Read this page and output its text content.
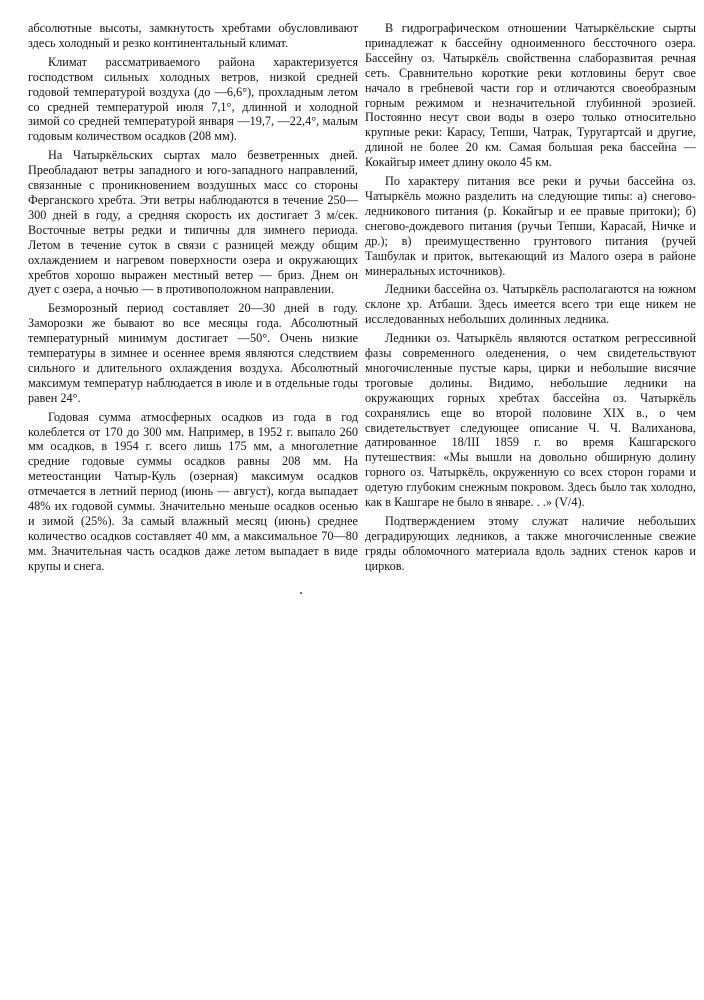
абсолютные высоты, замкнутость хребтами обусловливают здесь холодный и резко континентальный климат.

Климат рассматриваемого района характеризуется господством сильных холодных ветров, низкой средней годовой температурой воздуха (до —6,6°), прохладным летом со средней температурой июля 7,1°, длинной и холодной зимой со средней температурой января —19,7, —22,4°, малым годовым количеством осадков (208 мм).

На Чатыркёльских сыртах мало безветренных дней. Преобладают ветры западного и юго-западного направлений, связанные с проникновением воздушных масс со стороны Ферганского хребта. Эти ветры наблюдаются в течение 250—300 дней в году, а средняя скорость их достигает 3 м/сек. Восточные ветры редки и типичны для зимнего периода. Летом в течение суток в связи с разницей между общим охлаждением и нагревом поверхности озера и окружающих хребтов хорошо выражен местный ветер — бриз. Днем он дует с озера, а ночью — в противоположном направлении.

Безморозный период составляет 20—30 дней в году. Заморозки же бывают во все месяцы года. Абсолютный температурный минимум достигает —50°. Очень низкие температуры в зимнее и осеннее время являются следствием сильного и длительного охлаждения воздуха. Абсолютный максимум температур наблюдается в июле и в отдельные годы равен 24°.

Годовая сумма атмосферных осадков из года в год колеблется от 170 до 300 мм. Например, в 1952 г. выпало 260 мм осадков, в 1954 г. всего лишь 175 мм, а многолетние средние годовые суммы осадков равны 208 мм. На метеостанции Чатыр-Куль (озерная) максимум осадков отмечается в летний период (июнь — август), когда выпадает 48% их годовой суммы. Значительно меньше осадков осенью и зимой (25%). За самый влажный месяц (июнь) среднее количество осадков составляет 40 мм, а максимальное 70—80 мм. Значительная часть осадков даже летом выпадает в виде крупы и снега.

В гидрографическом отношении Чатыркёльские сырты принадлежат к бассейну одноименного бессточного озера. Бассейну оз. Чатыркёль свойственна слаборазвитая речная сеть. Сравнительно короткие реки котловины берут свое начало в гребневой части гор и отличаются своеобразным горным режимом и незначительной глубинной эрозией. Постоянно несут свои воды в озеро только относительно крупные реки: Карасу, Тепши, Чатрак, Туругартсай и другие, длиной не более 20 км. Самая большая река бассейна — Кокайгыр имеет длину около 45 км.

По характеру питания все реки и ручьи бассейна оз. Чатыркёль можно разделить на следующие типы: а) снегово-ледникового питания (р. Кокайгыр и ее правые притоки); б) снегово-дождевого питания (ручьи Тепши, Карасай, Ничке и др.); в) преимущественно грунтового питания (ручей Ташбулак и приток, вытекающий из Малого озера в районе минеральных источников).

Ледники бассейна оз. Чатыркёль располагаются на южном склоне хр. Атбаши. Здесь имеется всего три еще никем не исследованных небольших долинных ледника.

Ледники оз. Чатыркёль являются остатком регрессивной фазы современного оледенения, о чем свидетельствуют многочисленные пустые кары, цирки и небольшие висячие троговые долины. Видимо, небольшие ледники на окружающих горных хребтах бассейна оз. Чатыркёль сохранялись еще во второй половине XIX в., о чем свидетельствует следующее описание Ч. Ч. Валиханова, датированное 18/III 1859 г. во время Кашгарского путешествия: «Мы вышли на довольно обширную долину горного оз. Чатыркёль, окруженную со всех сторон горами и одетую глубоким снежным покровом. Здесь было так холодно, как в Кашгаре не было в январе. . .» (V/4).

Подтверждением этому служат наличие небольших деградирующих ледников, а также многочисленные свежие гряды обломочного материала вдоль задних стенок каров и цирков.
